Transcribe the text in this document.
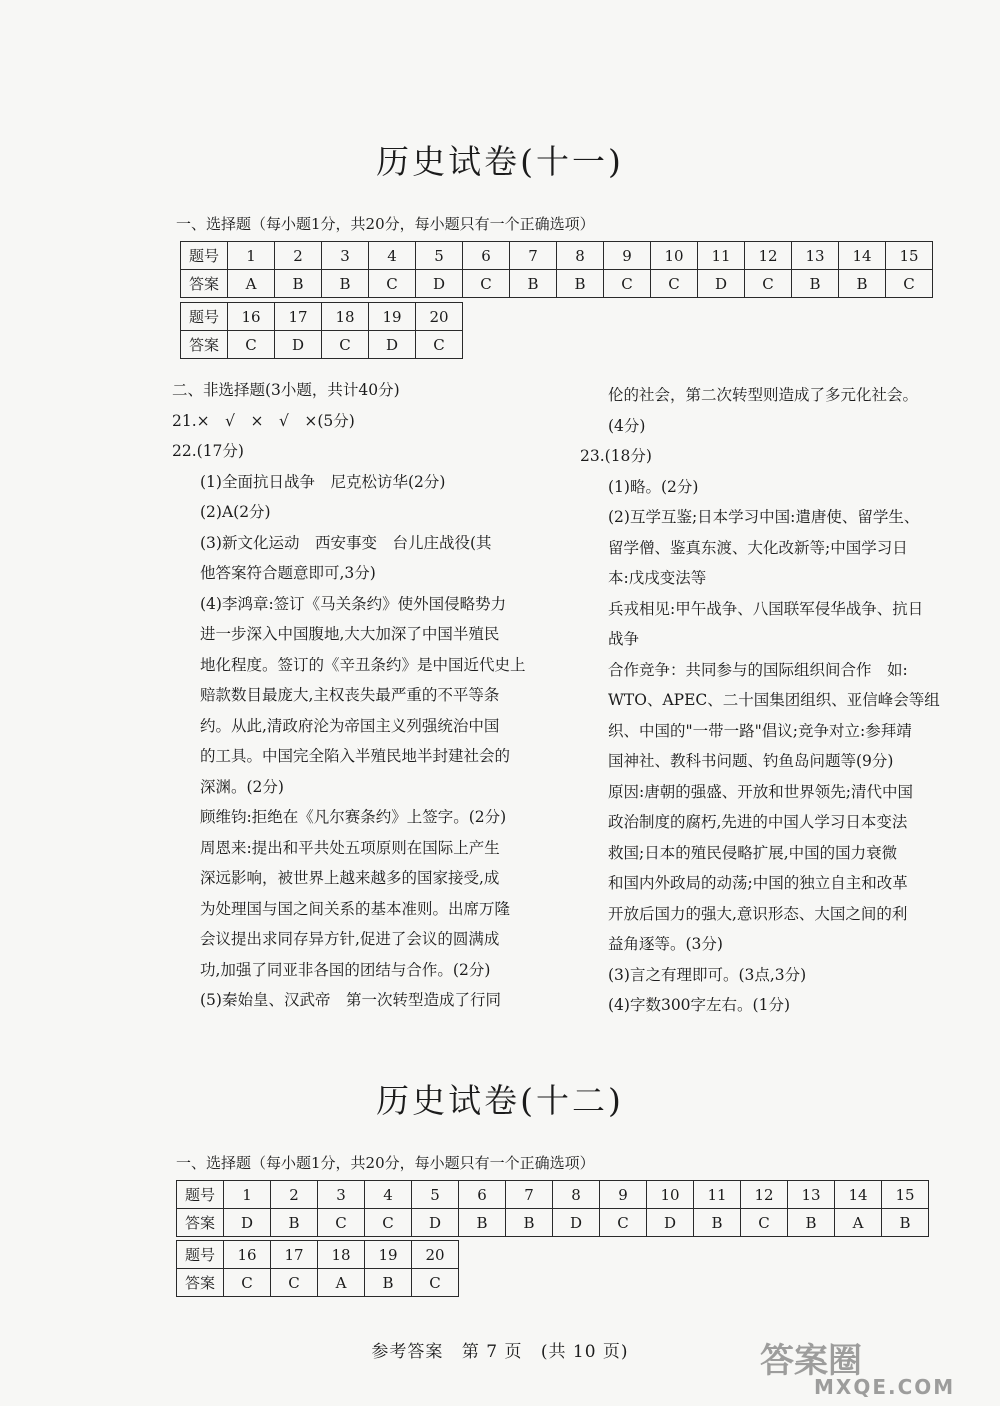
历史试卷(十一)
一、选择题（每小题1分，共20分，每小题只有一个正确选项）
题号	1	2	3	4	5	6	7	8	9	10	11	12	13	14	15
答案	A	B	B	C	D	C	B	B	C	C	D	C	B	B	C
题号	16	17	18	19	20
答案	C	D	C	D	C
二、非选择题(3小题，共计40分)
21.×　√　×　√　×(5分)
22.(17分)
(1)全面抗日战争　尼克松访华(2分)
(2)A(2分)
(3)新文化运动　西安事变　台儿庄战役(其
他答案符合题意即可,3分)
(4)李鸿章:签订《马关条约》使外国侵略势力
进一步深入中国腹地,大大加深了中国半殖民
地化程度。签订的《辛丑条约》是中国近代史上
赔款数目最庞大,主权丧失最严重的不平等条
约。从此,清政府沦为帝国主义列强统治中国
的工具。中国完全陷入半殖民地半封建社会的
深渊。(2分)
顾维钧:拒绝在《凡尔赛条约》上签字。(2分)
周恩来:提出和平共处五项原则在国际上产生
深远影响，被世界上越来越多的国家接受,成
为处理国与国之间关系的基本准则。出席万隆
会议提出求同存异方针,促进了会议的圆满成
功,加强了同亚非各国的团结与合作。(2分)
(5)秦始皇、汉武帝　第一次转型造成了行同
伦的社会，第二次转型则造成了多元化社会。
(4分)
23.(18分)
(1)略。(2分)
(2)互学互鉴;日本学习中国:遣唐使、留学生、
留学僧、鉴真东渡、大化改新等;中国学习日
本:戊戌变法等
兵戎相见:甲午战争、八国联军侵华战争、抗日
战争
合作竞争：共同参与的国际组织间合作　如:
WTO、APEC、二十国集团组织、亚信峰会等组
织、中国的"一带一路"倡议;竞争对立:参拜靖
国神社、教科书问题、钓鱼岛问题等(9分)
原因:唐朝的强盛、开放和世界领先;清代中国
政治制度的腐朽,先进的中国人学习日本变法
救国;日本的殖民侵略扩展,中国的国力衰微
和国内外政局的动荡;中国的独立自主和改革
开放后国力的强大,意识形态、大国之间的利
益角逐等。(3分)
(3)言之有理即可。(3点,3分)
(4)字数300字左右。(1分)
历史试卷(十二)
一、选择题（每小题1分，共20分，每小题只有一个正确选项）
题号	1	2	3	4	5	6	7	8	9	10	11	12	13	14	15
答案	D	B	C	C	D	B	B	D	C	D	B	C	B	A	B
题号	16	17	18	19	20
答案	C	C	A	B	C
参考答案 第 7 页 (共 10 页)	答案圈
MXQE.COM
